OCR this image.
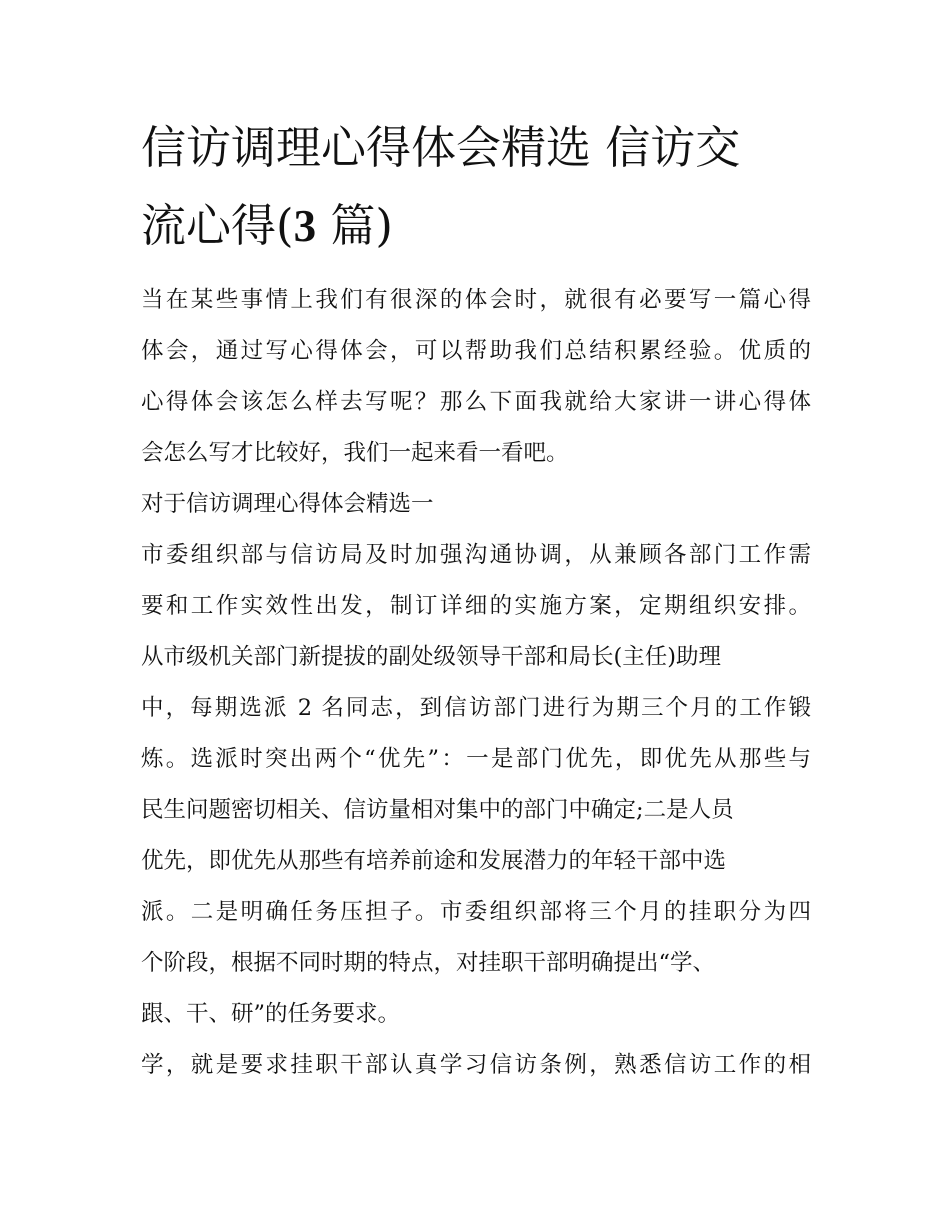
信访调理心得体会精选 信访交
流心得(3 篇)
当在某些事情上我们有很深的体会时，就很有必要写一篇心得
体会，通过写心得体会，可以帮助我们总结积累经验。优质的
心得体会该怎么样去写呢？那么下面我就给大家讲一讲心得体
会怎么写才比较好，我们一起来看一看吧。
对于信访调理心得体会精选一
市委组织部与信访局及时加强沟通协调，从兼顾各部门工作需
要和工作实效性出发，制订详细的实施方案，定期组织安排。
从市级机关部门新提拔的副处级领导干部和局长(主任)助理
中，每期选派 2 名同志，到信访部门进行为期三个月的工作锻
炼。选派时突出两个“优先”：一是部门优先，即优先从那些与
民生问题密切相关、信访量相对集中的部门中确定;二是人员
优先，即优先从那些有培养前途和发展潜力的年轻干部中选
派。二是明确任务压担子。市委组织部将三个月的挂职分为四
个阶段，根据不同时期的特点，对挂职干部明确提出“学、
跟、干、研”的任务要求。
学，就是要求挂职干部认真学习信访条例，熟悉信访工作的相
